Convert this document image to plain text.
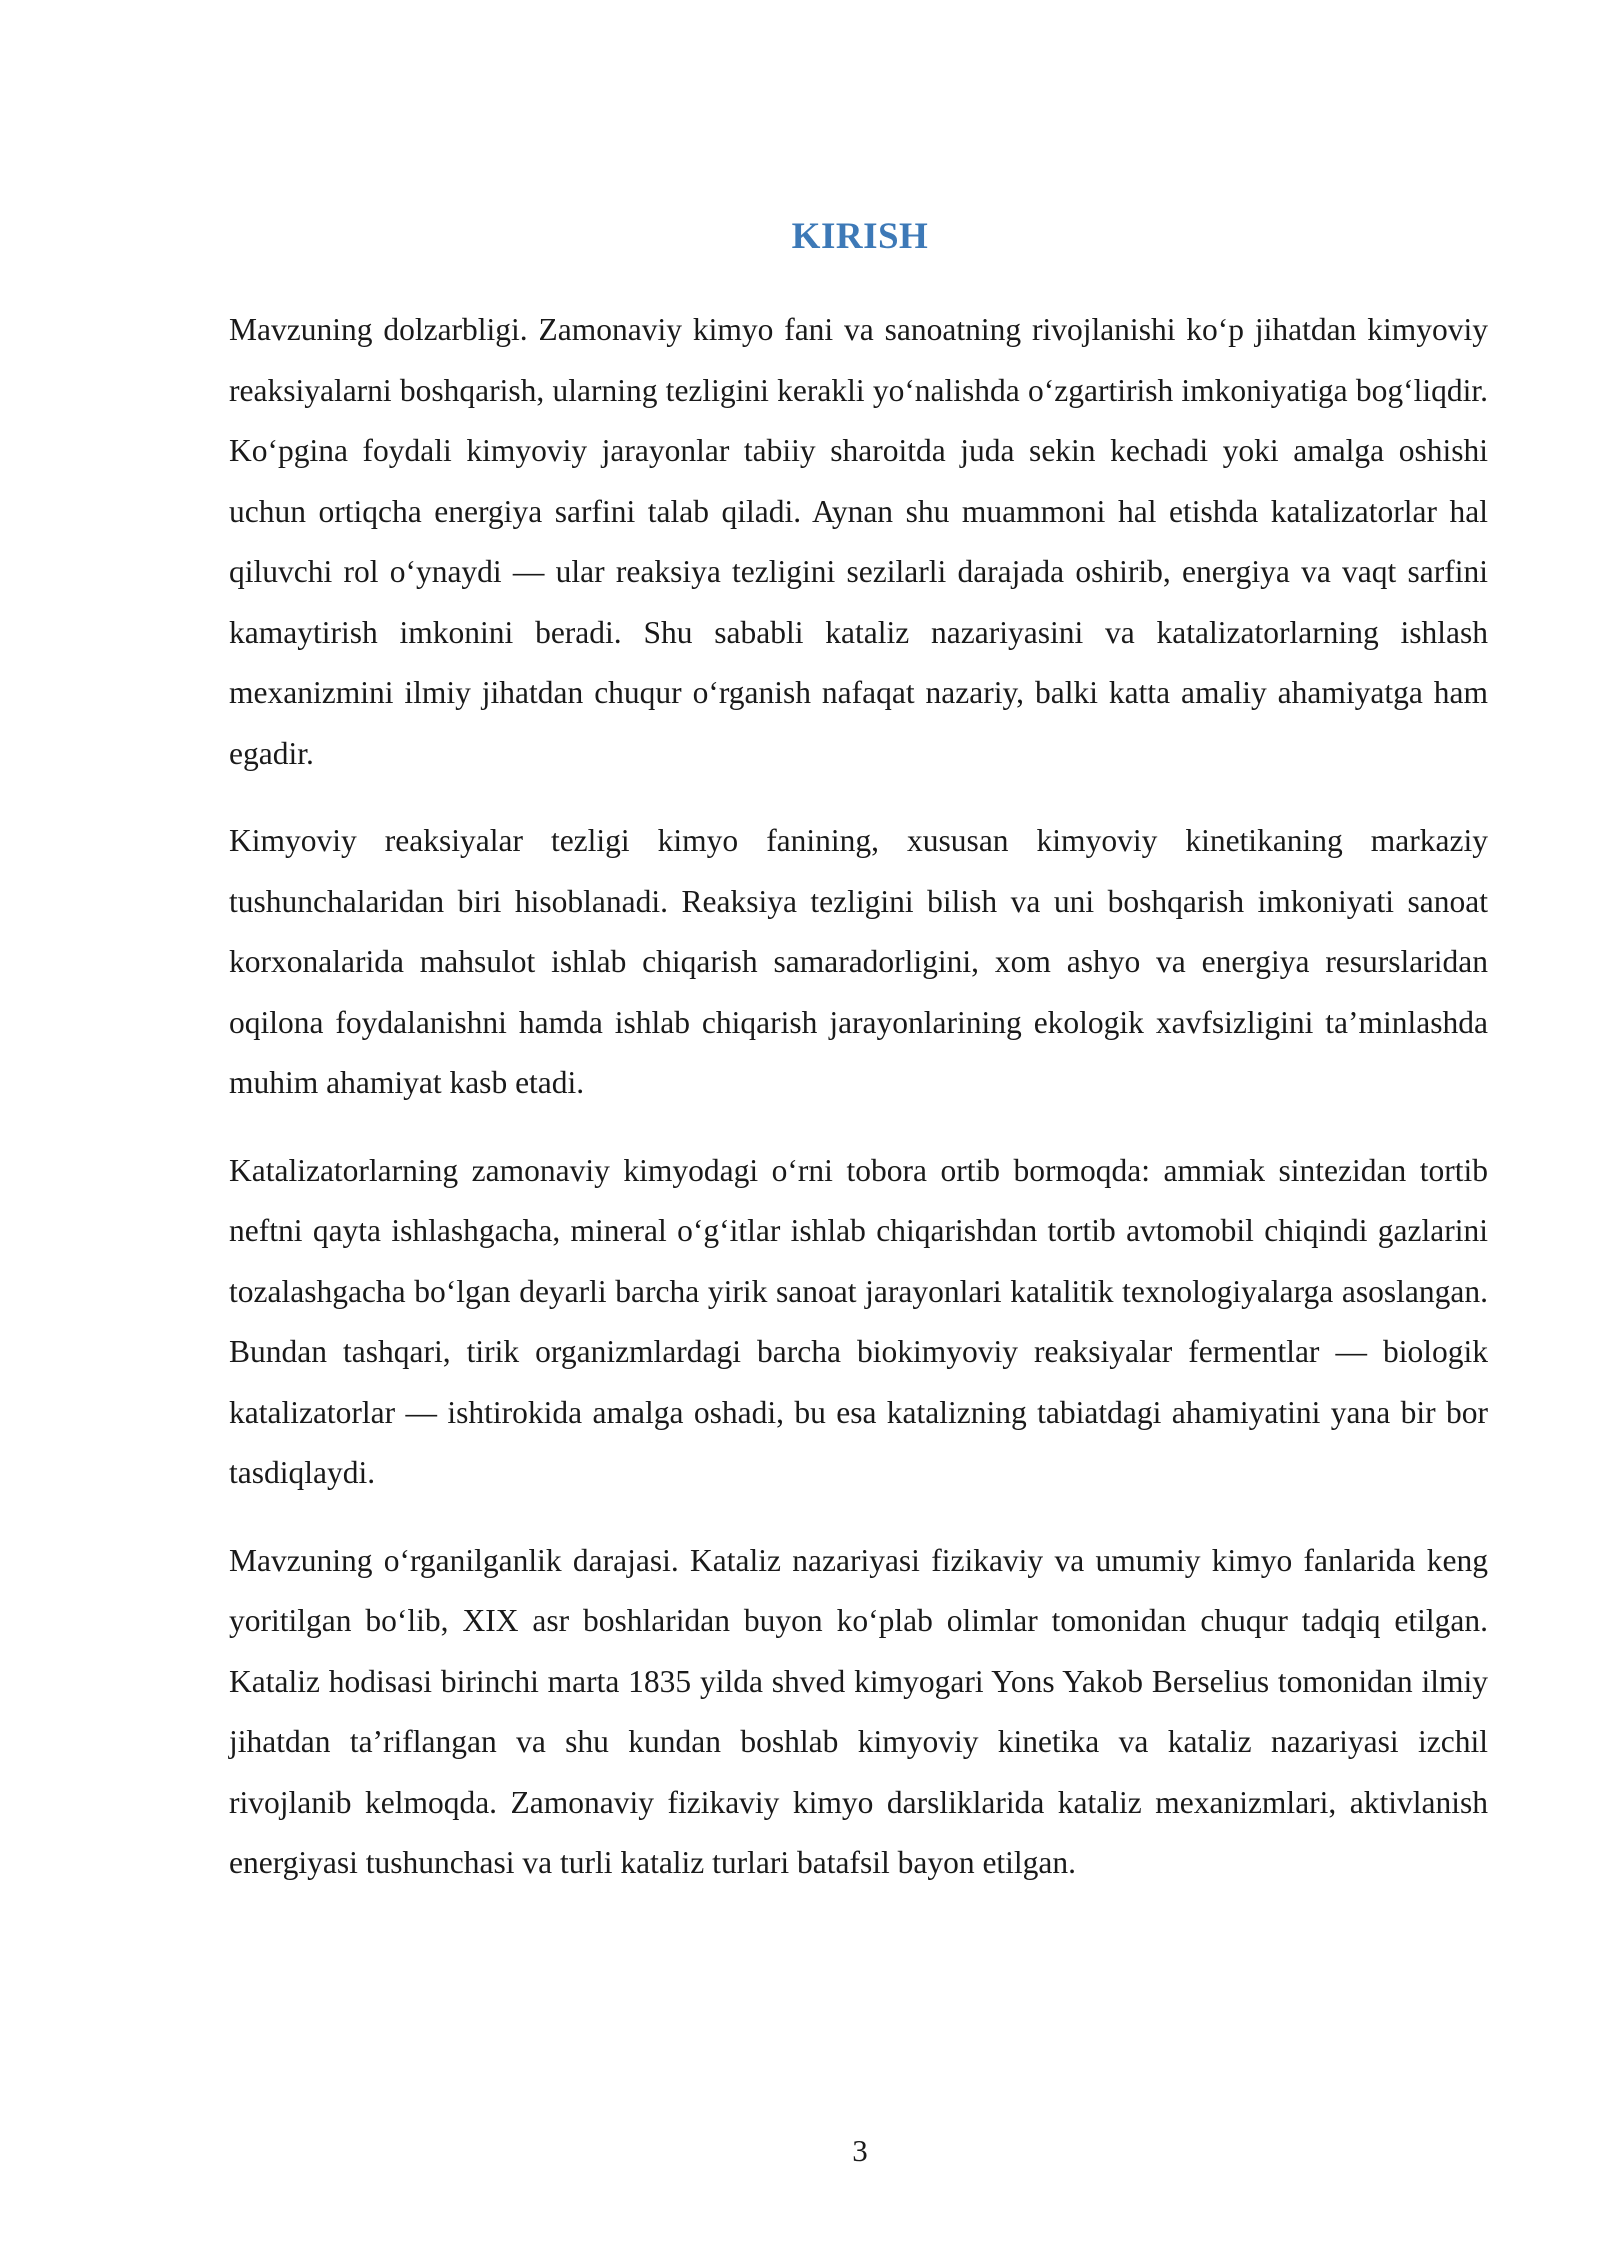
KIRISH

Mavzuning dolzarbligi. Zamonaviy kimyo fani va sanoatning rivojlanishi ko‘p jihatdan kimyoviy reaksiyalarni boshqarish, ularning tezligini kerakli yo‘nalishda o‘zgartirish imkoniyatiga bog‘liqdir. Ko‘pgina foydali kimyoviy jarayonlar tabiiy sharoitda juda sekin kechadi yoki amalga oshishi uchun ortiqcha energiya sarfini talab qiladi. Aynan shu muammoni hal etishda katalizatorlar hal qiluvchi rol o‘ynaydi — ular reaksiya tezligini sezilarli darajada oshirib, energiya va vaqt sarfini kamaytirish imkonini beradi. Shu sababli kataliz nazariyasini va katalizatorlarning ishlash mexanizmini ilmiy jihatdan chuqur o‘rganish nafaqat nazariy, balki katta amaliy ahamiyatga ham egadir.

Kimyoviy reaksiyalar tezligi kimyo fanining, xususan kimyoviy kinetikaning markaziy tushunchalaridan biri hisoblanadi. Reaksiya tezligini bilish va uni boshqarish imkoniyati sanoat korxonalarida mahsulot ishlab chiqarish samaradorligini, xom ashyo va energiya resurslaridan oqilona foydalanishni hamda ishlab chiqarish jarayonlarining ekologik xavfsizligini ta’minlashda muhim ahamiyat kasb etadi.

Katalizatorlarning zamonaviy kimyodagi o‘rni tobora ortib bormoqda: ammiak sintezidan tortib neftni qayta ishlashgacha, mineral o‘g‘itlar ishlab chiqarishdan tortib avtomobil chiqindi gazlarini tozalashgacha bo‘lgan deyarli barcha yirik sanoat jarayonlari katalitik texnologiyalarga asoslangan. Bundan tashqari, tirik organizmlardagi barcha biokimyoviy reaksiyalar fermentlar — biologik katalizatorlar — ishtirokida amalga oshadi, bu esa katalizning tabiatdagi ahamiyatini yana bir bor tasdiqlaydi.

Mavzuning o‘rganilganlik darajasi. Kataliz nazariyasi fizikaviy va umumiy kimyo fanlarida keng yoritilgan bo‘lib, XIX asr boshlaridan buyon ko‘plab olimlar tomonidan chuqur tadqiq etilgan. Kataliz hodisasi birinchi marta 1835 yilda shved kimyogari Yons Yakob Berselius tomonidan ilmiy jihatdan ta’riflangan va shu kundan boshlab kimyoviy kinetika va kataliz nazariyasi izchil rivojlanib kelmoqda. Zamonaviy fizikaviy kimyo darsliklarida kataliz mexanizmlari, aktivlanish energiyasi tushunchasi va turli kataliz turlari batafsil bayon etilgan.

3
